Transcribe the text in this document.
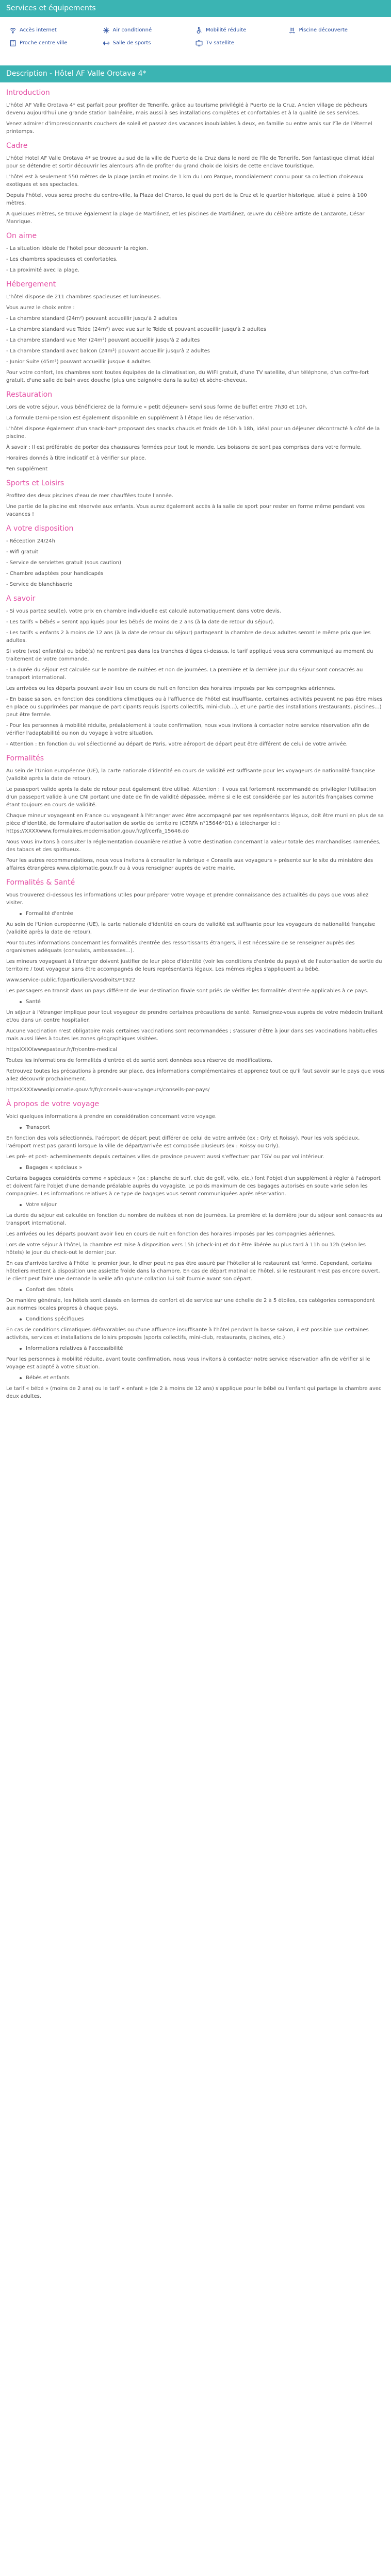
Services et équipements
Accès internet	Air conditionné	Mobilité réduite	Piscine découverte
Proche centre ville	Salle de sports	Tv satellite
Description - Hôtel AF Valle Orotava 4*
Introduction

L'hôtel AF Valle Orotava 4* est parfait pour profiter de Tenerife, grâce au tourisme privilégié à Puerto de la Cruz. Ancien village de pêcheurs devenu aujourd'hui une grande station balnéaire, mais aussi à ses installations complètes et confortables et à la qualité de ses services.

Venez admirer d'impressionnants couchers de soleil et passez des vacances inoubliables à deux, en famille ou entre amis sur l'île de l'éternel printemps.

Cadre

L'hôtel Hotel AF Valle Orotava 4* se trouve au sud de la ville de Puerto de la Cruz dans le nord de l'île de Tenerife. Son fantastique climat idéal pour se détendre et sortir découvrir les alentours afin de profiter du grand choix de loisirs de cette enclave touristique.

L'hôtel est à seulement 550 mètres de la plage Jardin et moins de 1 km du Loro Parque, mondialement connu pour sa collection d'oiseaux exotiques et ses spectacles.

Depuis l'hôtel, vous serez proche du centre-ville, la Plaza del Charco, le quai du port de la Cruz et le quartier historique, situé à peine à 100 mètres.

À quelques mètres, se trouve également la plage de Martiánez, et les piscines de Martiánez, œuvre du célèbre artiste de Lanzarote, César Manrique.

On aime

- La situation idéale de l'hôtel pour découvrir la région.

- Les chambres spacieuses et confortables.

- La proximité avec la plage.

Hébergement

L'hôtel dispose de 211 chambres spacieuses et lumineuses.

Vous aurez le choix entre :

- La chambre standard (24m²) pouvant accueillir jusqu'à 2 adultes

- La chambre standard vue Teide (24m²) avec vue sur le Teide et pouvant accueillir jusqu'à 2 adultes

- La chambre standard vue Mer (24m²) pouvant accueillir jusqu'à 2 adultes

- La chambre standard avec balcon (24m²) pouvant accueillir jusqu'à 2 adultes

- Junior Suite (45m²) pouvant accueillir jusque 4 adultes

Pour votre confort, les chambres sont toutes équipées de la climatisation, du WIFI gratuit, d'une TV satellite, d'un téléphone, d'un coffre-fort gratuit, d'une salle de bain avec douche (plus une baignoire dans la suite) et sèche-cheveux.

Restauration

Lors de votre séjour, vous bénéficierez de la formule « petit déjeuner» servi sous forme de buffet entre 7h30 et 10h.

La formule Demi-pension est également disponible en supplément à l'étape lieu de réservation.

L'hôtel dispose également d'un snack-bar* proposant des snacks chauds et froids de 10h à 18h, idéal pour un déjeuner décontracté à côté de la piscine.

À savoir : Il est préférable de porter des chaussures fermées pour tout le monde. Les boissons de sont pas comprises dans votre formule.

Horaires donnés à titre indicatif et à vérifier sur place.

*en supplément

Sports et Loisirs

Profitez des deux piscines d'eau de mer chauffées toute l'année.

Une partie de la piscine est réservée aux enfants. Vous aurez également accès à la salle de sport pour rester en forme même pendant vos vacances !

A votre disposition

- Réception 24/24h

- Wifi gratuit

- Service de serviettes gratuit (sous caution)

- Chambre adaptées pour handicapés

- Service de blanchisserie

A savoir

- Si vous partez seul(e), votre prix en chambre individuelle est calculé automatiquement dans votre devis.

- Les tarifs « bébés » seront appliqués pour les bébés de moins de 2 ans (à la date de retour du séjour).

- Les tarifs « enfants 2 à moins de 12 ans (à la date de retour du séjour) partageant la chambre de deux adultes seront le même prix que les adultes.

Si votre (vos) enfant(s) ou bébé(s) ne rentrent pas dans les tranches d'âges ci-dessus, le tarif appliqué vous sera communiqué au moment du traitement de votre commande.

- La durée du séjour est calculée sur le nombre de nuitées et non de journées. La première et la dernière jour du séjour sont consacrés au transport international.

Les arrivées ou les départs pouvant avoir lieu en cours de nuit en fonction des horaires imposés par les compagnies aériennes.

- En basse saison, en fonction des conditions climatiques ou à l'affluence de l'hôtel est insuffisante, certaines activités peuvent ne pas être mises en place ou supprimées par manque de participants requis (sports collectifs, mini-club...), et une partie des installations (restaurants, piscines...) peut être fermée.

- Pour les personnes à mobilité réduite, préalablement à toute confirmation, nous vous invitons à contacter notre service réservation afin de vérifier l'adaptabilité ou non du voyage à votre situation.

- Attention : En fonction du vol sélectionné au départ de Paris, votre aéroport de départ peut être différent de celui de votre arrivée.

Formalités

Au sein de l'Union européenne (UE), la carte nationale d'identité en cours de validité est suffisante pour les voyageurs de nationalité française (validité après la date de retour).

Le passeport valide après la date de retour peut également être utilisé. Attention : il vous est fortement recommandé de privilégier l'utilisation d'un passeport valide à une CNI portant une date de fin de validité dépassée, même si elle est considérée par les autorités françaises comme étant toujours en cours de validité.

Chaque mineur voyageant en France ou voyageant à l'étranger avec être accompagné par ses représentants légaux, doit être muni en plus de sa pièce d'identité, de formulaire d'autorisation de sortie de territoire (CERFA n°15646*01) à télécharger ici : https://XXXXwww.formulaires.modernisation.gouv.fr/gf/cerfa_15646.do

Nous vous invitons à consulter la réglementation douanière relative à votre destination concernant la valeur totale des marchandises ramenées, des tabacs et des spiritueux.

Pour les autres recommandations, nous vous invitons à consulter la rubrique « Conseils aux voyageurs » présente sur le site du ministère des affaires étrangères www.diplomatie.gouv.fr ou à vous renseigner auprès de votre mairie.

Formalités & Santé

Vous trouverez ci-dessous les informations utiles pour préparer votre voyage et prendre connaissance des actualités du pays que vous allez visiter.

Formalité d'entrée

Au sein de l'Union européenne (UE), la carte nationale d'identité en cours de validité est suffisante pour les voyageurs de nationalité française (validité après la date de retour).

Pour toutes informations concernant les formalités d'entrée des ressortissants étrangers, il est nécessaire de se renseigner auprès des organismes adéquats (consulats, ambassades...).

Les mineurs voyageant à l'étranger doivent justifier de leur pièce d'identité (voir les conditions d'entrée du pays) et de l'autorisation de sortie du territoire / tout voyageur sans être accompagnés de leurs représentants légaux. Les mêmes règles s'appliquent au bébé.

www.service-public.fr/particuliers/vosdroits/F1922

Les passagers en transit dans un pays différent de leur destination finale sont priés de vérifier les formalités d'entrée applicables à ce pays.

Santé

Un séjour à l'étranger implique pour tout voyageur de prendre certaines précautions de santé. Renseignez-vous auprès de votre médecin traitant et/ou dans un centre hospitalier.

Aucune vaccination n'est obligatoire mais certaines vaccinations sont recommandées ; s'assurer d'être à jour dans ses vaccinations habituelles mais aussi liées à toutes les zones géographiques visitées.

httpsXXXXwwwpasteur.fr/fr/centre-medical

Toutes les informations de formalités d'entrée et de santé sont données sous réserve de modifications.

Retrouvez toutes les précautions à prendre sur place, des informations complémentaires et apprenez tout ce qu'il faut savoir sur le pays que vous allez découvrir prochainement.

httpsXXXXwwwdiplomatie.gouv.fr/fr/conseils-aux-voyageurs/conseils-par-pays/

À propos de votre voyage

Voici quelques informations à prendre en considération concernant votre voyage.

Transport

En fonction des vols sélectionnés, l'aéroport de départ peut différer de celui de votre arrivée (ex : Orly et Roissy). Pour les vols spéciaux, l'aéroport n'est pas garanti lorsque la ville de départ/arrivée est composée plusieurs (ex : Roissy ou Orly).

Les pré- et post- acheminements depuis certaines villes de province peuvent aussi s'effectuer par TGV ou par vol intérieur.

Bagages « spéciaux »

Certains bagages considérés comme « spéciaux » (ex : planche de surf, club de golf, vélo, etc.) font l'objet d'un supplément à régler à l'aéroport et doivent faire l'objet d'une demande préalable auprès du voyagiste. Le poids maximum de ces bagages autorisés en soute varie selon les compagnies. Les informations relatives à ce type de bagages vous seront communiquées après réservation.

Votre séjour

La durée du séjour est calculée en fonction du nombre de nuitées et non de journées. La première et la dernière jour du séjour sont consacrés au transport international.

Les arrivées ou les départs pouvant avoir lieu en cours de nuit en fonction des horaires imposés par les compagnies aériennes.

Lors de votre séjour à l'hôtel, la chambre est mise à disposition vers 15h (check-in) et doit être libérée au plus tard à 11h ou 12h (selon les hôtels) le jour du check-out le dernier jour.

En cas d'arrivée tardive à l'hôtel le premier jour, le dîner peut ne pas être assuré par l'hôtelier si le restaurant est fermé. Cependant, certains hôteliers mettent à disposition une assiette froide dans la chambre. En cas de départ matinal de l'hôtel, si le restaurant n'est pas encore ouvert, le client peut faire une demande la veille afin qu'une collation lui soit fournie avant son départ.

Confort des hôtels

De manière générale, les hôtels sont classés en termes de confort et de service sur une échelle de 2 à 5 étoiles, ces catégories correspondent aux normes locales propres à chaque pays.

Conditions spécifiques

En cas de conditions climatiques défavorables ou d'une affluence insuffisante à l'hôtel pendant la basse saison, il est possible que certaines activités, services et installations de loisirs proposés (sports collectifs, mini-club, restaurants, piscines, etc.)

Informations relatives à l'accessibilité

Pour les personnes à mobilité réduite, avant toute confirmation, nous vous invitons à contacter notre service réservation afin de vérifier si le voyage est adapté à votre situation.

Bébés et enfants

Le tarif « bébé » (moins de 2 ans) ou le tarif « enfant » (de 2 à moins de 12 ans) s'applique pour le bébé ou l'enfant qui partage la chambre avec deux adultes.
